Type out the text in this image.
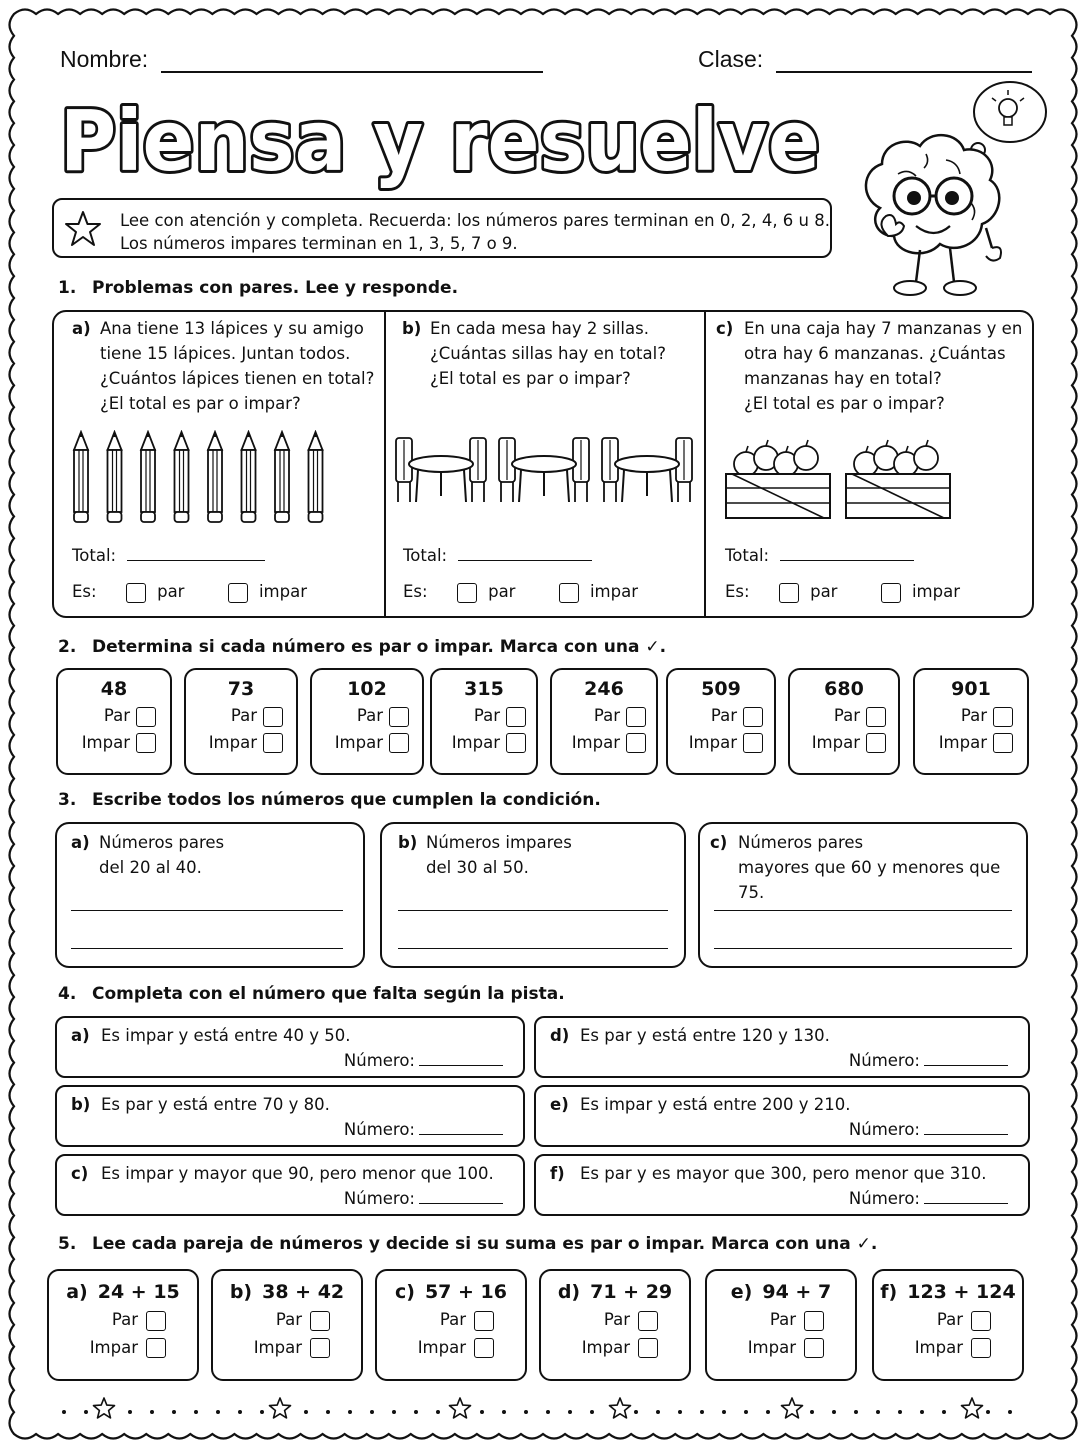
Nombre:	Clase:
Piensa y resuelve
Lee con atención y completa. Recuerda: los números pares terminan en 0, 2, 4, 6 u 8.
Los números impares terminan en 1, 3, 5, 7 o 9.
1. Problemas con pares. Lee y responde.
a) Ana tiene 13 lápices y su amigo
tiene 15 lápices. Juntan todos.
¿Cuántos lápices tienen en total?
¿El total es par o impar?
Total:
Es:	par	impar
b) En cada mesa hay 2 sillas.
¿Cuántas sillas hay en total?
¿El total es par o impar?
Total:
Es:	par	impar
c) En una caja hay 7 manzanas y en
otra hay 6 manzanas. ¿Cuántas
manzanas hay en total?
¿El total es par o impar?
Total:
Es:	par	impar
2. Determina si cada número es par o impar. Marca con una ✓.
48
Par
Impar
73
Par
Impar
102
Par
Impar
315
Par
Impar
246
Par
Impar
509
Par
Impar
680
Par
Impar
901
Par
Impar
3. Escribe todos los números que cumplen la condición.
a) Números pares
del 20 al 40.
b) Números impares
del 30 al 50.
c) Números pares
mayores que 60 y menores que 75.
4. Completa con el número que falta según la pista.
a) Es impar y está entre 40 y 50.
Número:
d) Es par y está entre 120 y 130.
Número:
b) Es par y está entre 70 y 80.
Número:
e) Es impar y está entre 200 y 210.
Número:
c) Es impar y mayor que 90, pero menor que 100.
Número:
f) Es par y es mayor que 300, pero menor que 310.
Número:
5. Lee cada pareja de números y decide si su suma es par o impar. Marca con una ✓.
a) 24 + 15
Par
Impar
b) 38 + 42
Par
Impar
c) 57 + 16
Par
Impar
d) 71 + 29
Par
Impar
e) 94 + 7
Par
Impar
f) 123 + 124
Par
Impar
